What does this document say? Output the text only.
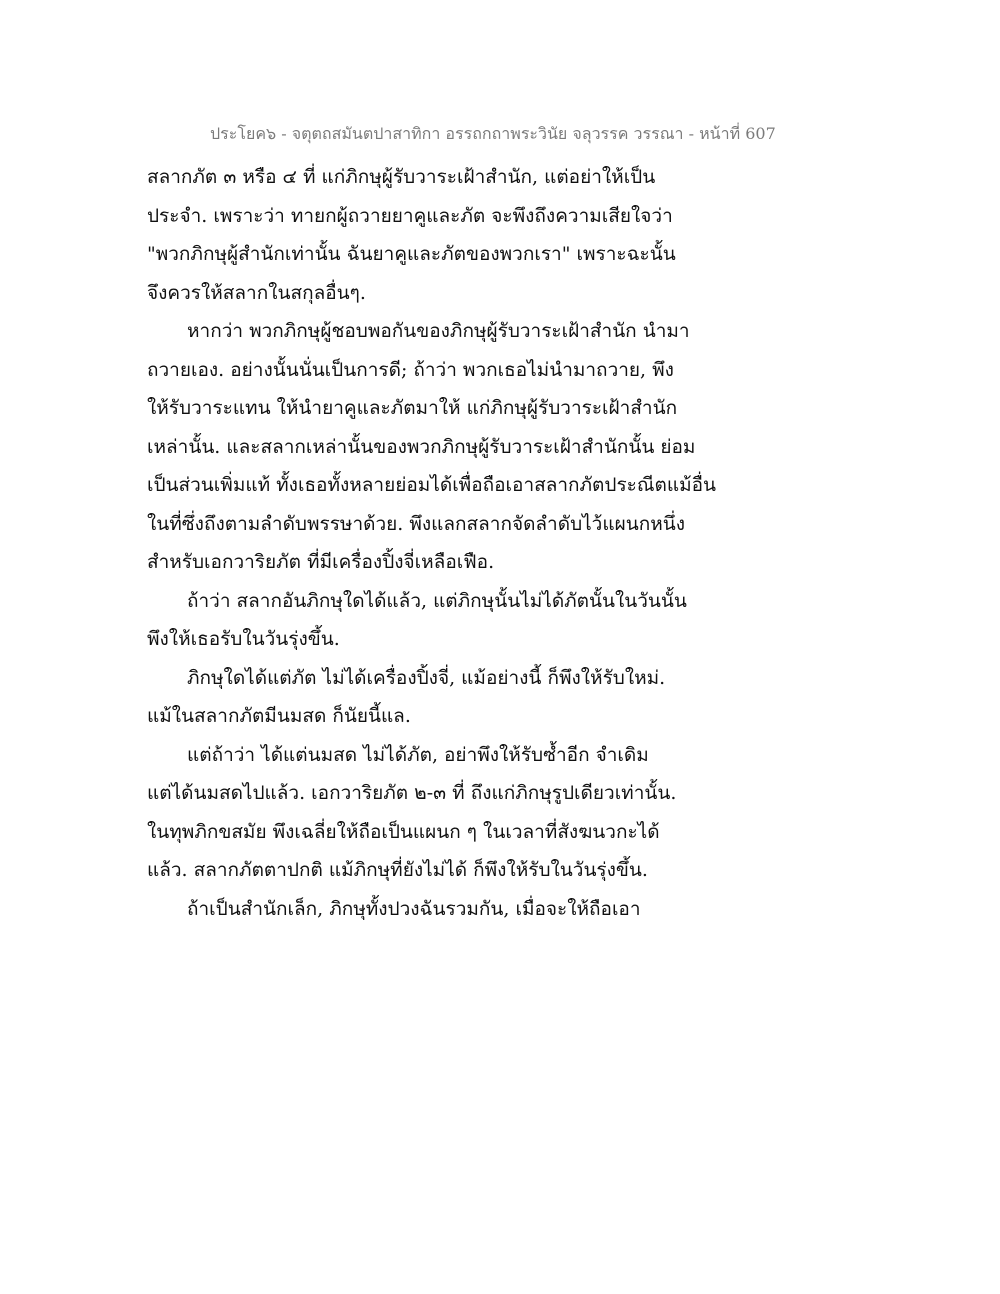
ประโยค๖ - จตุตถสมันตปาสาทิกา อรรถกถาพระวินัย จลุวรรค วรรณา - หน้าที่ 607
สลากภัต ๓ หรือ ๔ ที่ แก่ภิกษุผู้รับวาระเฝ้าสำนัก, แต่อย่าให้เป็น
ประจำ. เพราะว่า ทายกผู้ถวายยาคูและภัต จะพึงถึงความเสียใจว่า
"พวกภิกษุผู้สำนักเท่านั้น ฉันยาคูและภัตของพวกเรา" เพราะฉะนั้น
จึงควรให้สลากในสกุลอื่นๆ.
หากว่า พวกภิกษุผู้ชอบพอกันของภิกษุผู้รับวาระเฝ้าสำนัก นำมา
ถวายเอง. อย่างนั้นนั่นเป็นการดี; ถ้าว่า พวกเธอไม่นำมาถวาย, พึง
ให้รับวาระแทน ให้นำยาคูและภัตมาให้ แก่ภิกษุผู้รับวาระเฝ้าสำนัก
เหล่านั้น. และสลากเหล่านั้นของพวกภิกษุผู้รับวาระเฝ้าสำนักนั้น ย่อม
เป็นส่วนเพิ่มแท้ ทั้งเธอทั้งหลายย่อมได้เพื่อถือเอาสลากภัตประณีตแม้อื่น
ในที่ซึ่งถึงตามลำดับพรรษาด้วย. พึงแลกสลากจัดลำดับไว้แผนกหนึ่ง
สำหรับเอกวาริยภัต ที่มีเครื่องปิ้งจี่เหลือเฟือ.
ถ้าว่า สลากอันภิกษุใดได้แล้ว, แต่ภิกษุนั้นไม่ได้ภัตนั้นในวันนั้น
พึงให้เธอรับในวันรุ่งขึ้น.
ภิกษุใดได้แต่ภัต ไม่ได้เครื่องปิ้งจี่, แม้อย่างนี้ ก็พึงให้รับใหม่.
แม้ในสลากภัตมีนมสด ก็นัยนี้แล.
แต่ถ้าว่า ได้แต่นมสด ไม่ได้ภัต, อย่าพึงให้รับซ้ำอีก จำเดิม
แต่ได้นมสดไปแล้ว. เอกวาริยภัต ๒-๓ ที่ ถึงแก่ภิกษุรูปเดียวเท่านั้น.
ในทุพภิกขสมัย พึงเฉลี่ยให้ถือเป็นแผนก ๆ ในเวลาที่สังฆนวกะได้
แล้ว. สลากภัตตาปกติ แม้ภิกษุที่ยังไม่ได้ ก็พึงให้รับในวันรุ่งขึ้น.
ถ้าเป็นสำนักเล็ก, ภิกษุทั้งปวงฉันรวมกัน, เมื่อจะให้ถือเอา
